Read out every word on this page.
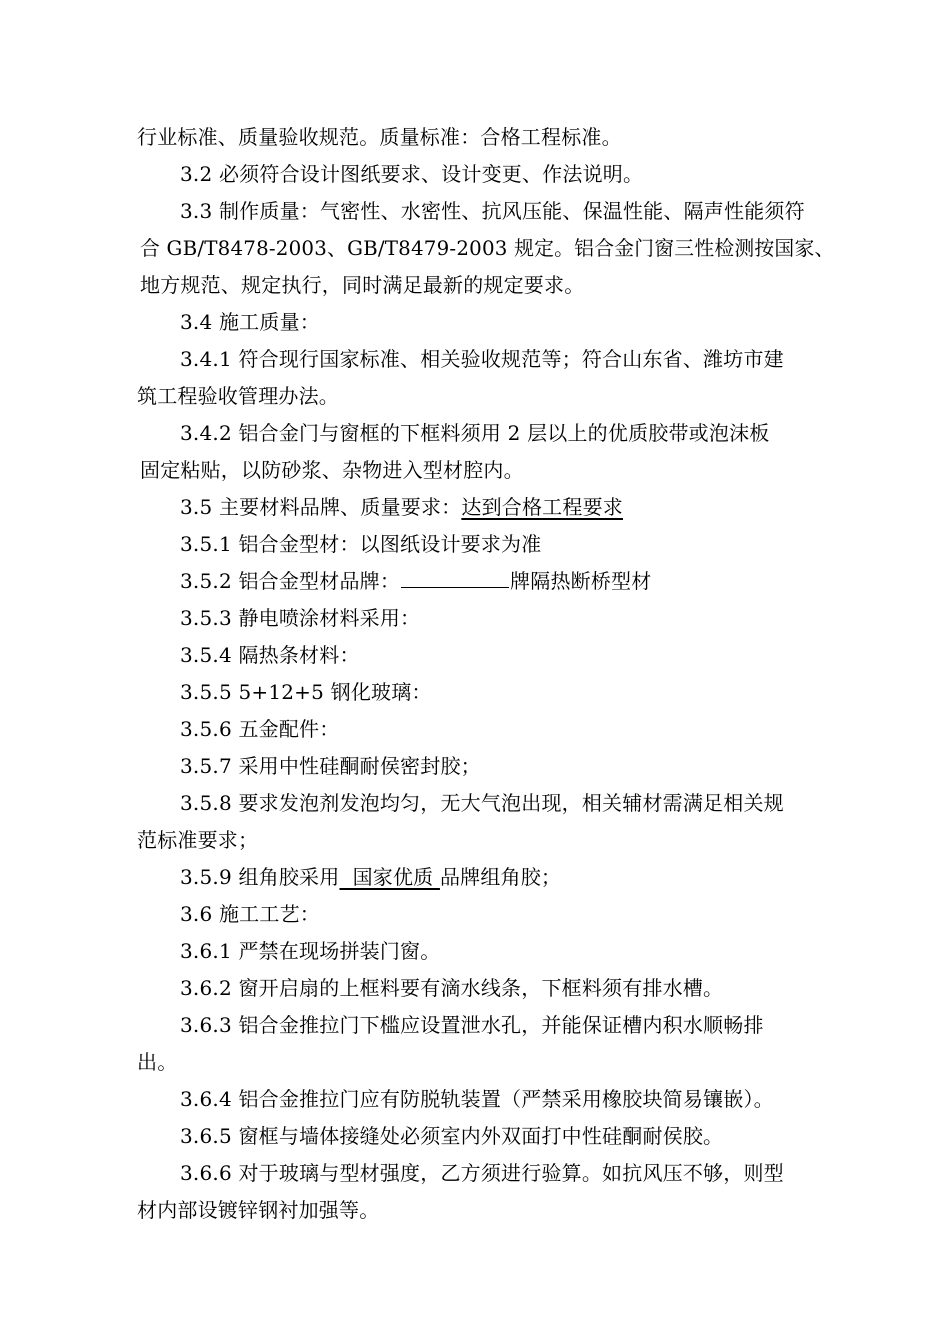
行业标准、质量验收规范。质量标准：合格工程标准。
3.2 必须符合设计图纸要求、设计变更、作法说明。
3.3 制作质量：气密性、水密性、抗风压能、保温性能、隔声性能须符
合 GB/T8478-2003、GB/T8479-2003 规定。铝合金门窗三性检测按国家、
地方规范、规定执行，同时满足最新的规定要求。
3.4 施工质量：
3.4.1 符合现行国家标准、相关验收规范等；符合山东省、潍坊市建
筑工程验收管理办法。
3.4.2 铝合金门与窗框的下框料须用 2 层以上的优质胶带或泡沫板
固定粘贴，以防砂浆、杂物进入型材腔内。
3.5 主要材料品牌、质量要求：达到合格工程要求
3.5.1 铝合金型材：以图纸设计要求为准
3.5.2 铝合金型材品牌：	牌隔热断桥型材
3.5.3 静电喷涂材料采用：
3.5.4 隔热条材料：
3.5.5 5+12+5 钢化玻璃：
3.5.6 五金配件：
3.5.7 采用中性硅酮耐侯密封胶；
3.5.8 要求发泡剂发泡均匀，无大气泡出现，相关辅材需满足相关规
范标准要求；
3.5.9 组角胶采用  国家优质 品牌组角胶；
3.6 施工工艺：
3.6.1 严禁在现场拼装门窗。
3.6.2 窗开启扇的上框料要有滴水线条，下框料须有排水槽。
3.6.3 铝合金推拉门下槛应设置泄水孔，并能保证槽内积水顺畅排
出。
3.6.4 铝合金推拉门应有防脱轨装置（严禁采用橡胶块简易镶嵌）。
3.6.5 窗框与墙体接缝处必须室内外双面打中性硅酮耐侯胶。
3.6.6 对于玻璃与型材强度，乙方须进行验算。如抗风压不够，则型
材内部设镀锌钢衬加强等。
